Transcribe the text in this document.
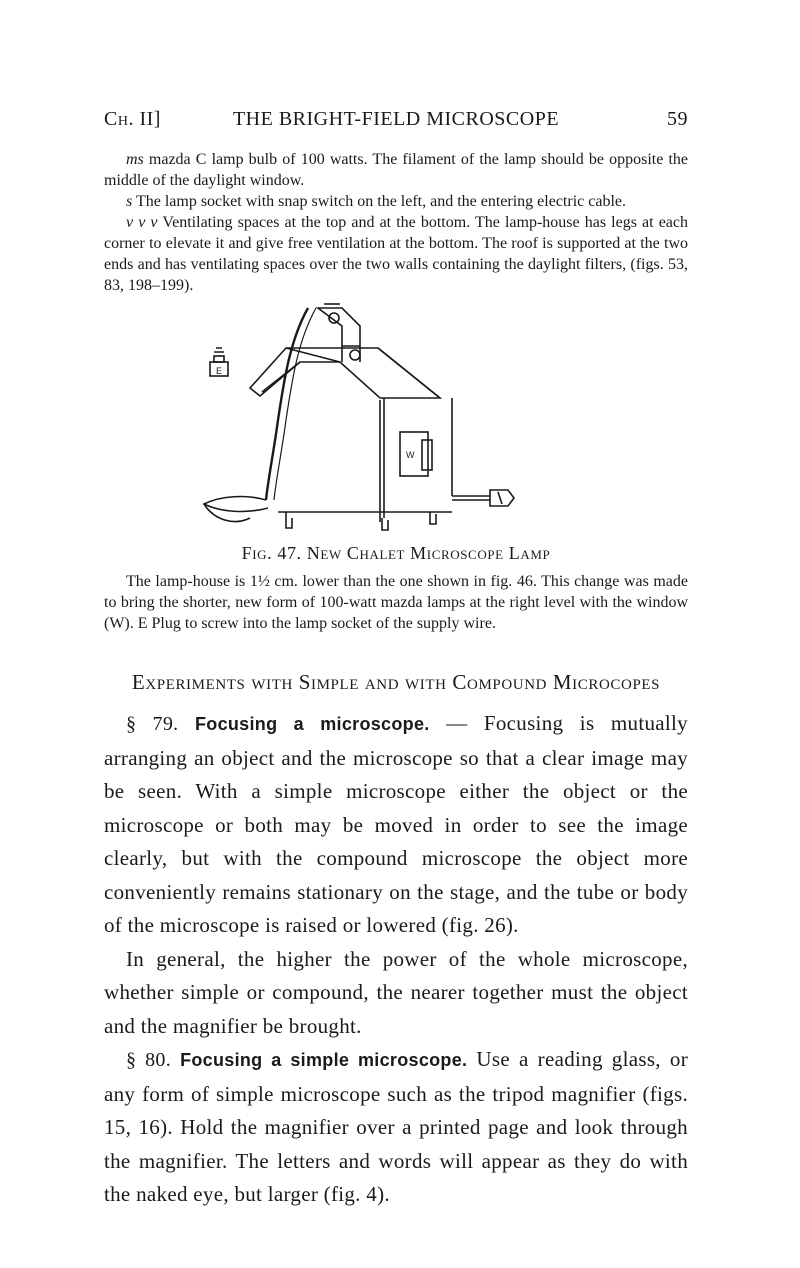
Ch. II]	THE BRIGHT-FIELD MICROSCOPE	59

ms mazda C lamp bulb of 100 watts. The filament of the lamp should be opposite the middle of the daylight window.

s The lamp socket with snap switch on the left, and the entering electric cable.

v v v Ventilating spaces at the top and at the bottom. The lamp-house has legs at each corner to elevate it and give free ventilation at the bottom. The roof is supported at the two ends and has ventilating spaces over the two walls containing the daylight filters, (figs. 53, 83, 198–199).

E
W
Fig. 47. New Chalet Microscope Lamp

The lamp-house is 1½ cm. lower than the one shown in fig. 46. This change was made to bring the shorter, new form of 100-watt mazda lamps at the right level with the window (W). E Plug to screw into the lamp socket of the supply wire.

Experiments with Simple and with Compound Microcopes

§ 79. Focusing a microscope. — Focusing is mutually arranging an object and the microscope so that a clear image may be seen. With a simple microscope either the object or the microscope or both may be moved in order to see the image clearly, but with the compound microscope the object more conveniently remains stationary on the stage, and the tube or body of the microscope is raised or lowered (fig. 26).

In general, the higher the power of the whole microscope, whether simple or compound, the nearer together must the object and the magnifier be brought.

§ 80. Focusing a simple microscope. Use a reading glass, or any form of simple microscope such as the tripod magnifier (figs. 15, 16). Hold the magnifier over a printed page and look through the magnifier. The letters and words will appear as they do with the naked eye, but larger (fig. 4).
